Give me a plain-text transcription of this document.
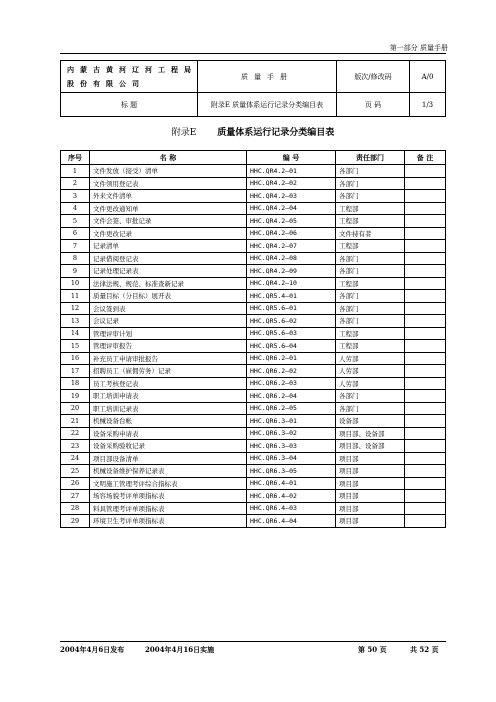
第一部分 质量手册
内蒙古黄河辽河工程局
股份有限公司	质量手册	版次/修改码	A/0
标 题	附录E 质量体系运行记录分类编目表	页 码	1/3
附录E 质量体系运行记录分类编目表
序号	名 称	编 号	责任部门	备 注
1	文件发放（接受）清单	HHC.QR4.2—01	各部门	
2	文件领用登记表	HHC.QR4.2—02	各部门	
3	外来文件清单	HHC.QR4.2—03	各部门	
4	文件更改通知单	HHC.QR4.2—04	工程部	
5	文件会签、审批记录	HHC.QR4.2—05	工程部	
6	文件更改记录	HHC.QR4.2—06	文件持有者	
7	记录清单	HHC.QR4.2—07	工程部	
8	记录借阅登记表	HHC.QR4.2—08	各部门	
9	记录处理记录表	HHC.QR4.2—09	各部门	
10	法律法规、规范、标准查新记录	HHC.QR4.2—10	工程部	
11	质量目标（分目标）展开表	HHC.QR5.4—01	各部门	
12	会议签到表	HHC.QR5.6—01	各部门	
13	会议记录	HHC.QR5.6—02	各部门	
14	管理评审计划	HHC.QR5.6—03	工程部	
15	管理评审报告	HHC.QR5.6—04	工程部	
16	补充员工申请审批报告	HHC.QR6.2—01	人劳部	
17	招聘员工（雇佣劳务）记录	HHC.QR6.2—02	人劳部	
18	员工考核登记表	HHC.QR6.2—03	人劳部	
19	职工培训申请表	HHC.QR6.2—04	各部门	
20	职工培训记录表	HHC.QR6.2—05	各部门	
21	机械设备台帐	HHC.QR6.3—01	设备部	
22	设备采购申请表	HHC.QR6.3—02	项目部、设备部	
23	设备采购验收记录	HHC.QR6.3—03	项目部、设备部	
24	项目部设备清单	HHC.QR6.3—04	项目部	
25	机械设备维护保养记录表	HHC.QR6.3—05	项目部	
26	文明施工管理考评综合指标表	HHC.QR6.4—01	项目部	
27	场容场貌考评单项指标表	HHC.QR6.4—02	项目部	
28	料具管理考评单项指标表	HHC.QR6.4—03	项目部	
29	环境卫生考评单项指标表	HHC.QR6.4—04	项目部	
2004年4月6日发布	2004年4月16日实施	第 50 页	共 52 页
